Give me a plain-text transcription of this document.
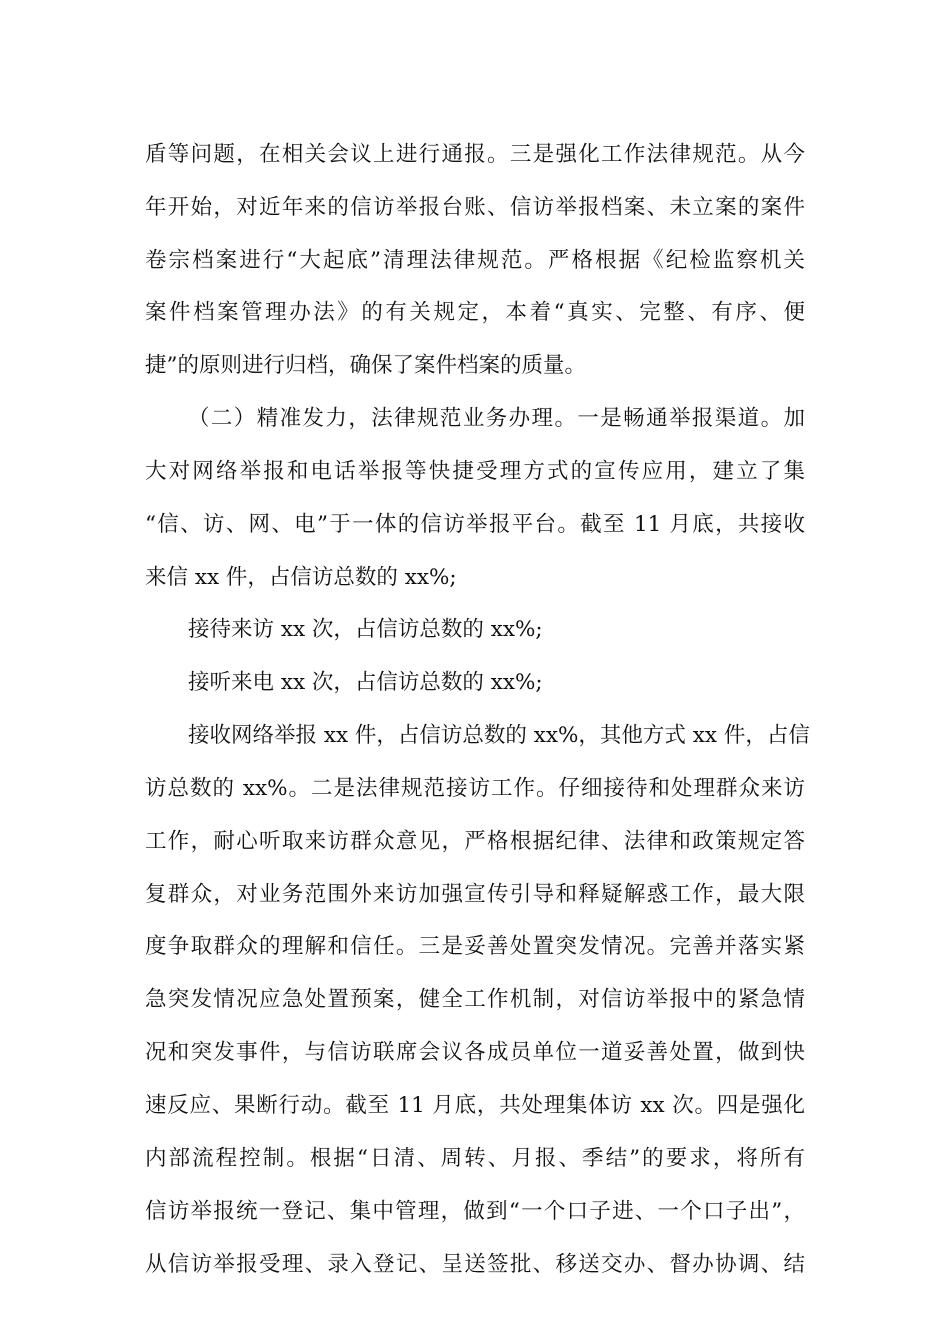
盾等问题，在相关会议上进行通报。三是强化工作法律规范。从今
年开始，对近年来的信访举报台账、信访举报档案、未立案的案件
卷宗档案进行“大起底”清理法律规范。严格根据《纪检监察机关
案件档案管理办法》的有关规定，本着“真实、完整、有序、便
捷”的原则进行归档，确保了案件档案的质量。
（二）精准发力，法律规范业务办理。一是畅通举报渠道。加
大对网络举报和电话举报等快捷受理方式的宣传应用，建立了集
“信、访、网、电”于一体的信访举报平台。截至 11 月底，共接收
来信 xx 件，占信访总数的 xx%;
接待来访 xx 次，占信访总数的 xx%;
接听来电 xx 次，占信访总数的 xx%;
接收网络举报 xx 件，占信访总数的 xx%，其他方式 xx 件，占信
访总数的 xx%。二是法律规范接访工作。仔细接待和处理群众来访
工作，耐心听取来访群众意见，严格根据纪律、法律和政策规定答
复群众，对业务范围外来访加强宣传引导和释疑解惑工作，最大限
度争取群众的理解和信任。三是妥善处置突发情况。完善并落实紧
急突发情况应急处置预案，健全工作机制，对信访举报中的紧急情
况和突发事件，与信访联席会议各成员单位一道妥善处置，做到快
速反应、果断行动。截至 11 月底，共处理集体访 xx 次。四是强化
内部流程控制。根据“日清、周转、月报、季结”的要求，将所有
信访举报统一登记、集中管理，做到“一个口子进、一个口子出”，
从信访举报受理、录入登记、呈送签批、移送交办、督办协调、结
